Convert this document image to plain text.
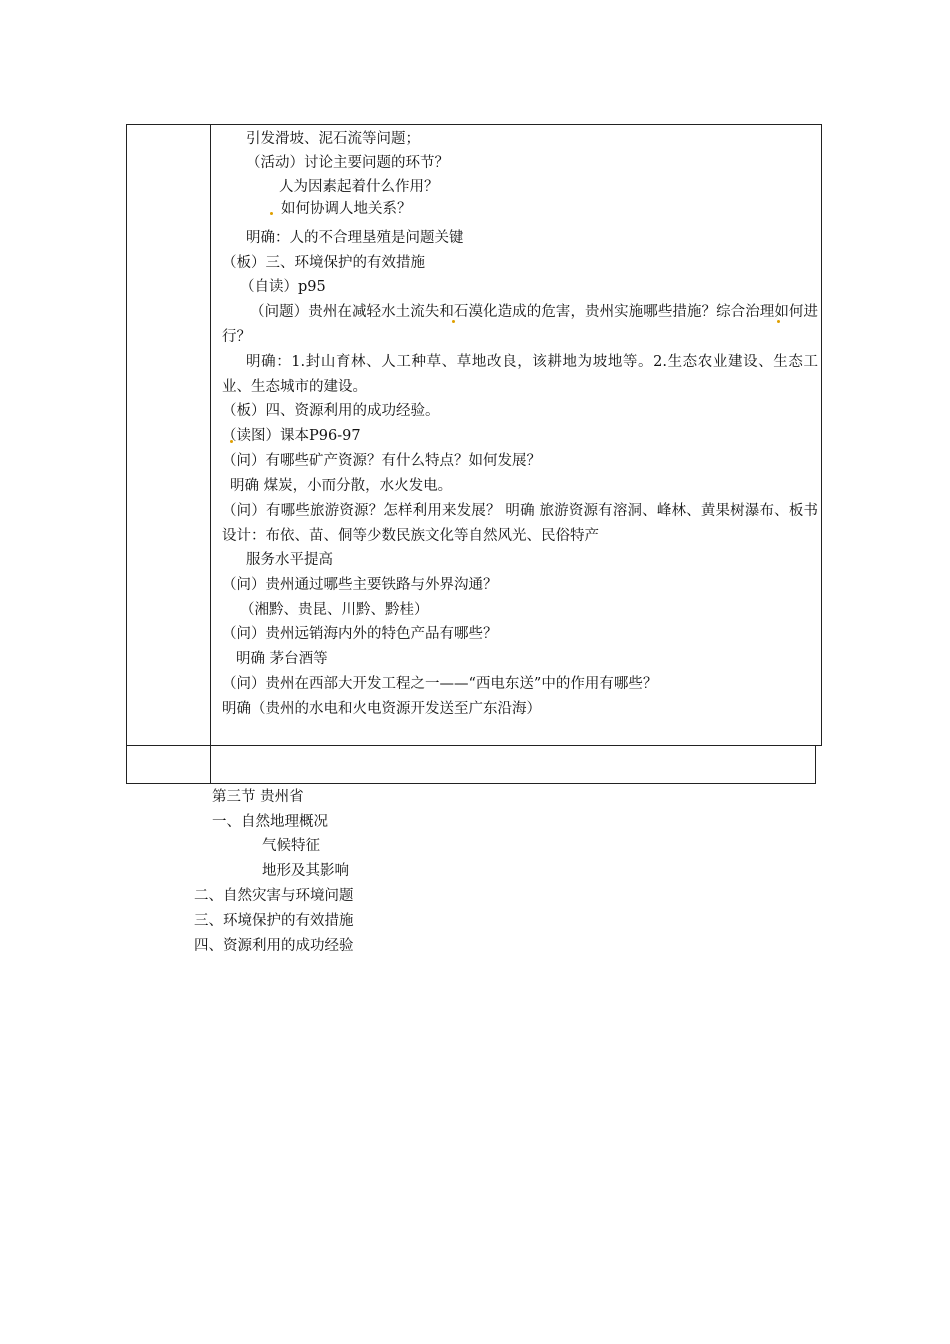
引发滑坡、泥石流等问题；
（活动）讨论主要问题的环节？
人为因素起着什么作用？
如何协调人地关系？
明确：人的不合理垦殖是问题关键
（板）三、环境保护的有效措施
（自读）p95
（问题）贵州在减轻水土流失和石漠化造成的危害，贵州实施哪些措施？综合治理如何进行？
明确：1.封山育林、人工种草、草地改良，该耕地为坡地等。2.生态农业建设、生态工业、生态城市的建设。
（板）四、资源利用的成功经验。
（读图）课本P96-97
（问）有哪些矿产资源？有什么特点？如何发展？
明确 煤炭，小而分散，水火发电。
（问）有哪些旅游资源？怎样利用来发展？ 明确 旅游资源有溶洞、峰林、黄果树瀑布、板书设计：布依、苗、侗等少数民族文化等自然风光、民俗特产
服务水平提高
（问）贵州通过哪些主要铁路与外界沟通？
（湘黔、贵昆、川黔、黔桂）
（问）贵州远销海内外的特色产品有哪些？
明确 茅台酒等
（问）贵州在西部大开发工程之一——“西电东送”中的作用有哪些？
明确（贵州的水电和火电资源开发送至广东沿海）
第三节 贵州省
一、自然地理概况
气候特征
地形及其影响
二、自然灾害与环境问题
三、环境保护的有效措施
四、资源利用的成功经验
